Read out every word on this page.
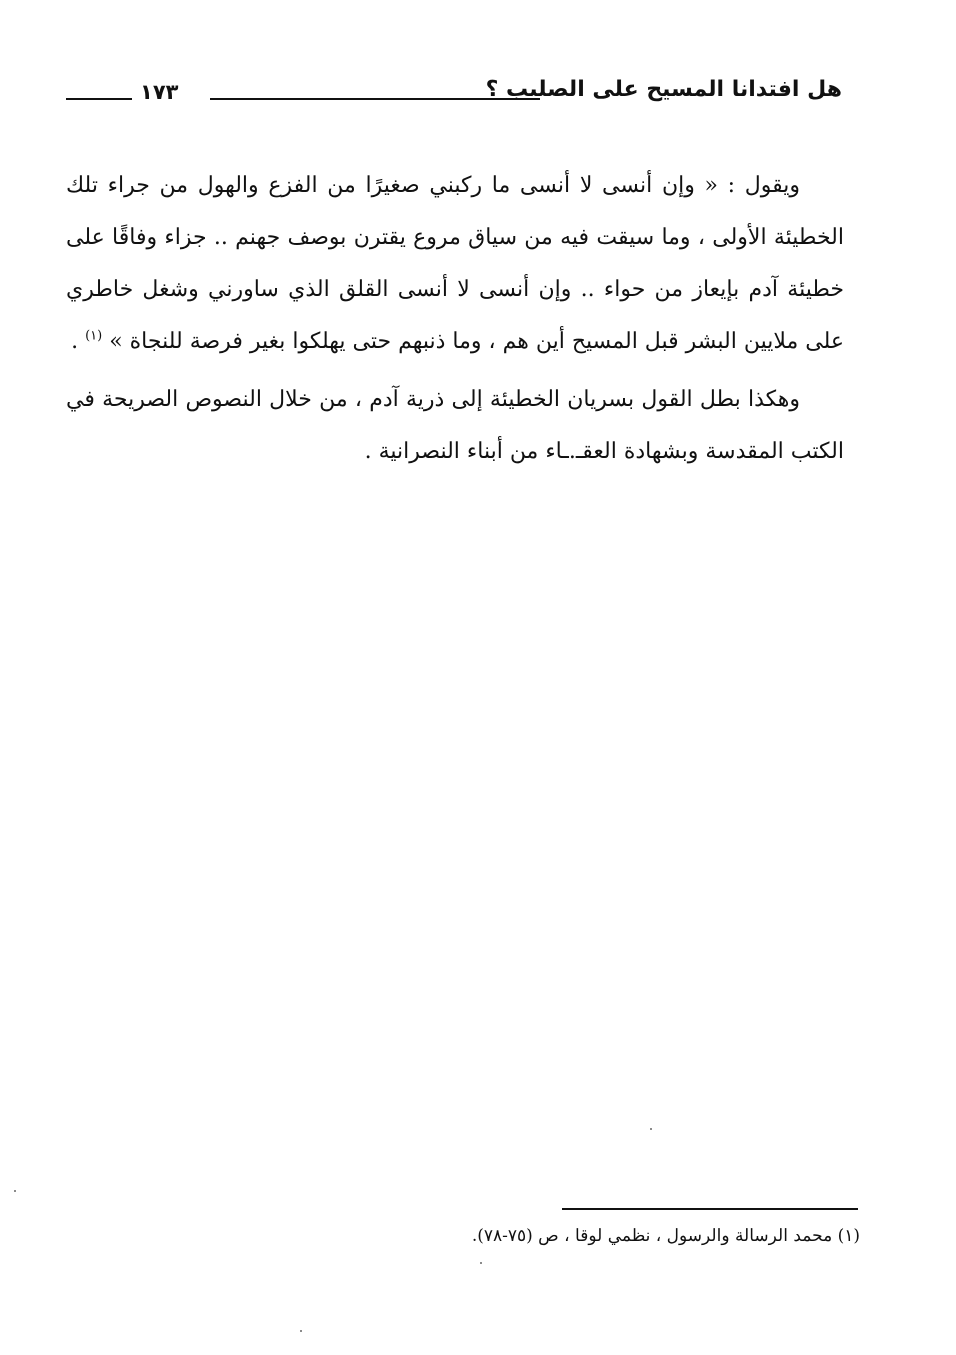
هل افتدانا المسيح على الصليب ؟
١٧٣

ويقول : « وإن أنسى لا أنسى ما ركبني صغيرًا من الفزع والهول من جراء تلك الخطيئة الأولى ، وما سيقت فيه من سياق مروع يقترن بوصف جهنم .. جزاء وفاقًا على خطيئة آدم بإيعاز من حواء .. وإن أنسى لا أنسى القلق الذي ساورني وشغل خاطري على ملايين البشر قبل المسيح أين هم ، وما ذنبهم حتى يهلكوا بغير فرصة للنجاة » $^{(١)}$ .

وهكذا بطل القول بسريان الخطيئة إلى ذرية آدم ، من خلال النصوص الصريحة في الكتب المقدسة وبشهادة العقـ.ـاء من أبناء النصرانية .

(١) محمد الرسالة والرسول ، نظمي لوقا ، ص (٧٥-٧٨).
